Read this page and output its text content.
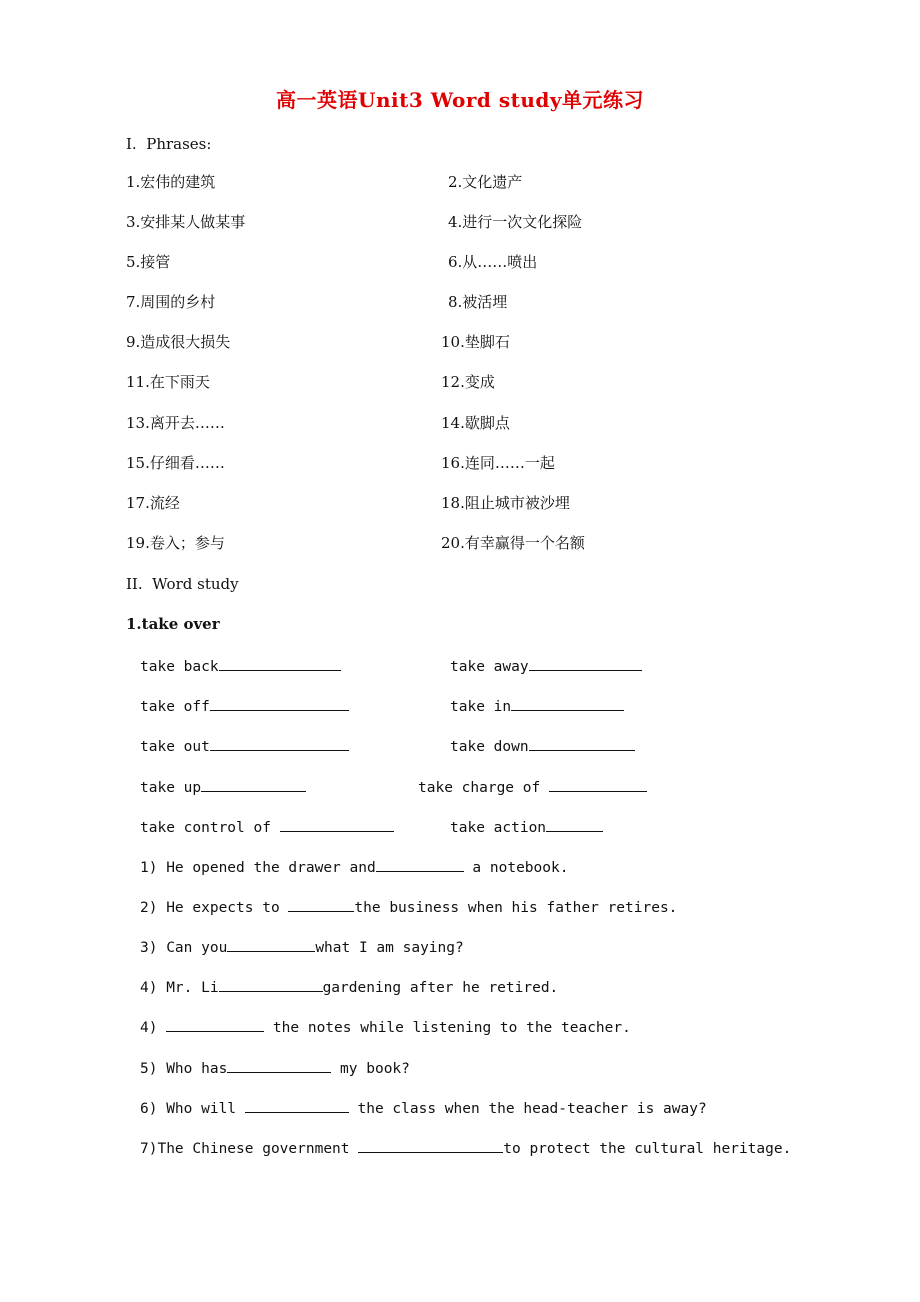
高一英语Unit3 Word study单元练习
I.  Phrases:
1.宏伟的建筑	2.文化遗产
3.安排某人做某事	4.进行一次文化探险
5.接管	6.从……喷出
7.周围的乡村	8.被活埋
9.造成很大损失	10.垫脚石
11.在下雨天	12.变成
13.离开去……	14.歇脚点
15.仔细看……	16.连同……一起
17.流经	18.阻止城市被沙埋
19.卷入；参与	20.有幸赢得一个名额
II.  Word study
1.take over
take back	take away
take off	take in
take out	take down
take up	take charge of
take control of	take action
1) He opened the drawer and	a notebook.
2) He expects to	the business when his father retires.
3) Can you	what I am saying?
4) Mr. Li	gardening after he retired.
4)	the notes while listening to the teacher.
5) Who has	my book?
6) Who will	the class when the head-teacher is away?
7)The Chinese government	to protect the cultural heritage.
